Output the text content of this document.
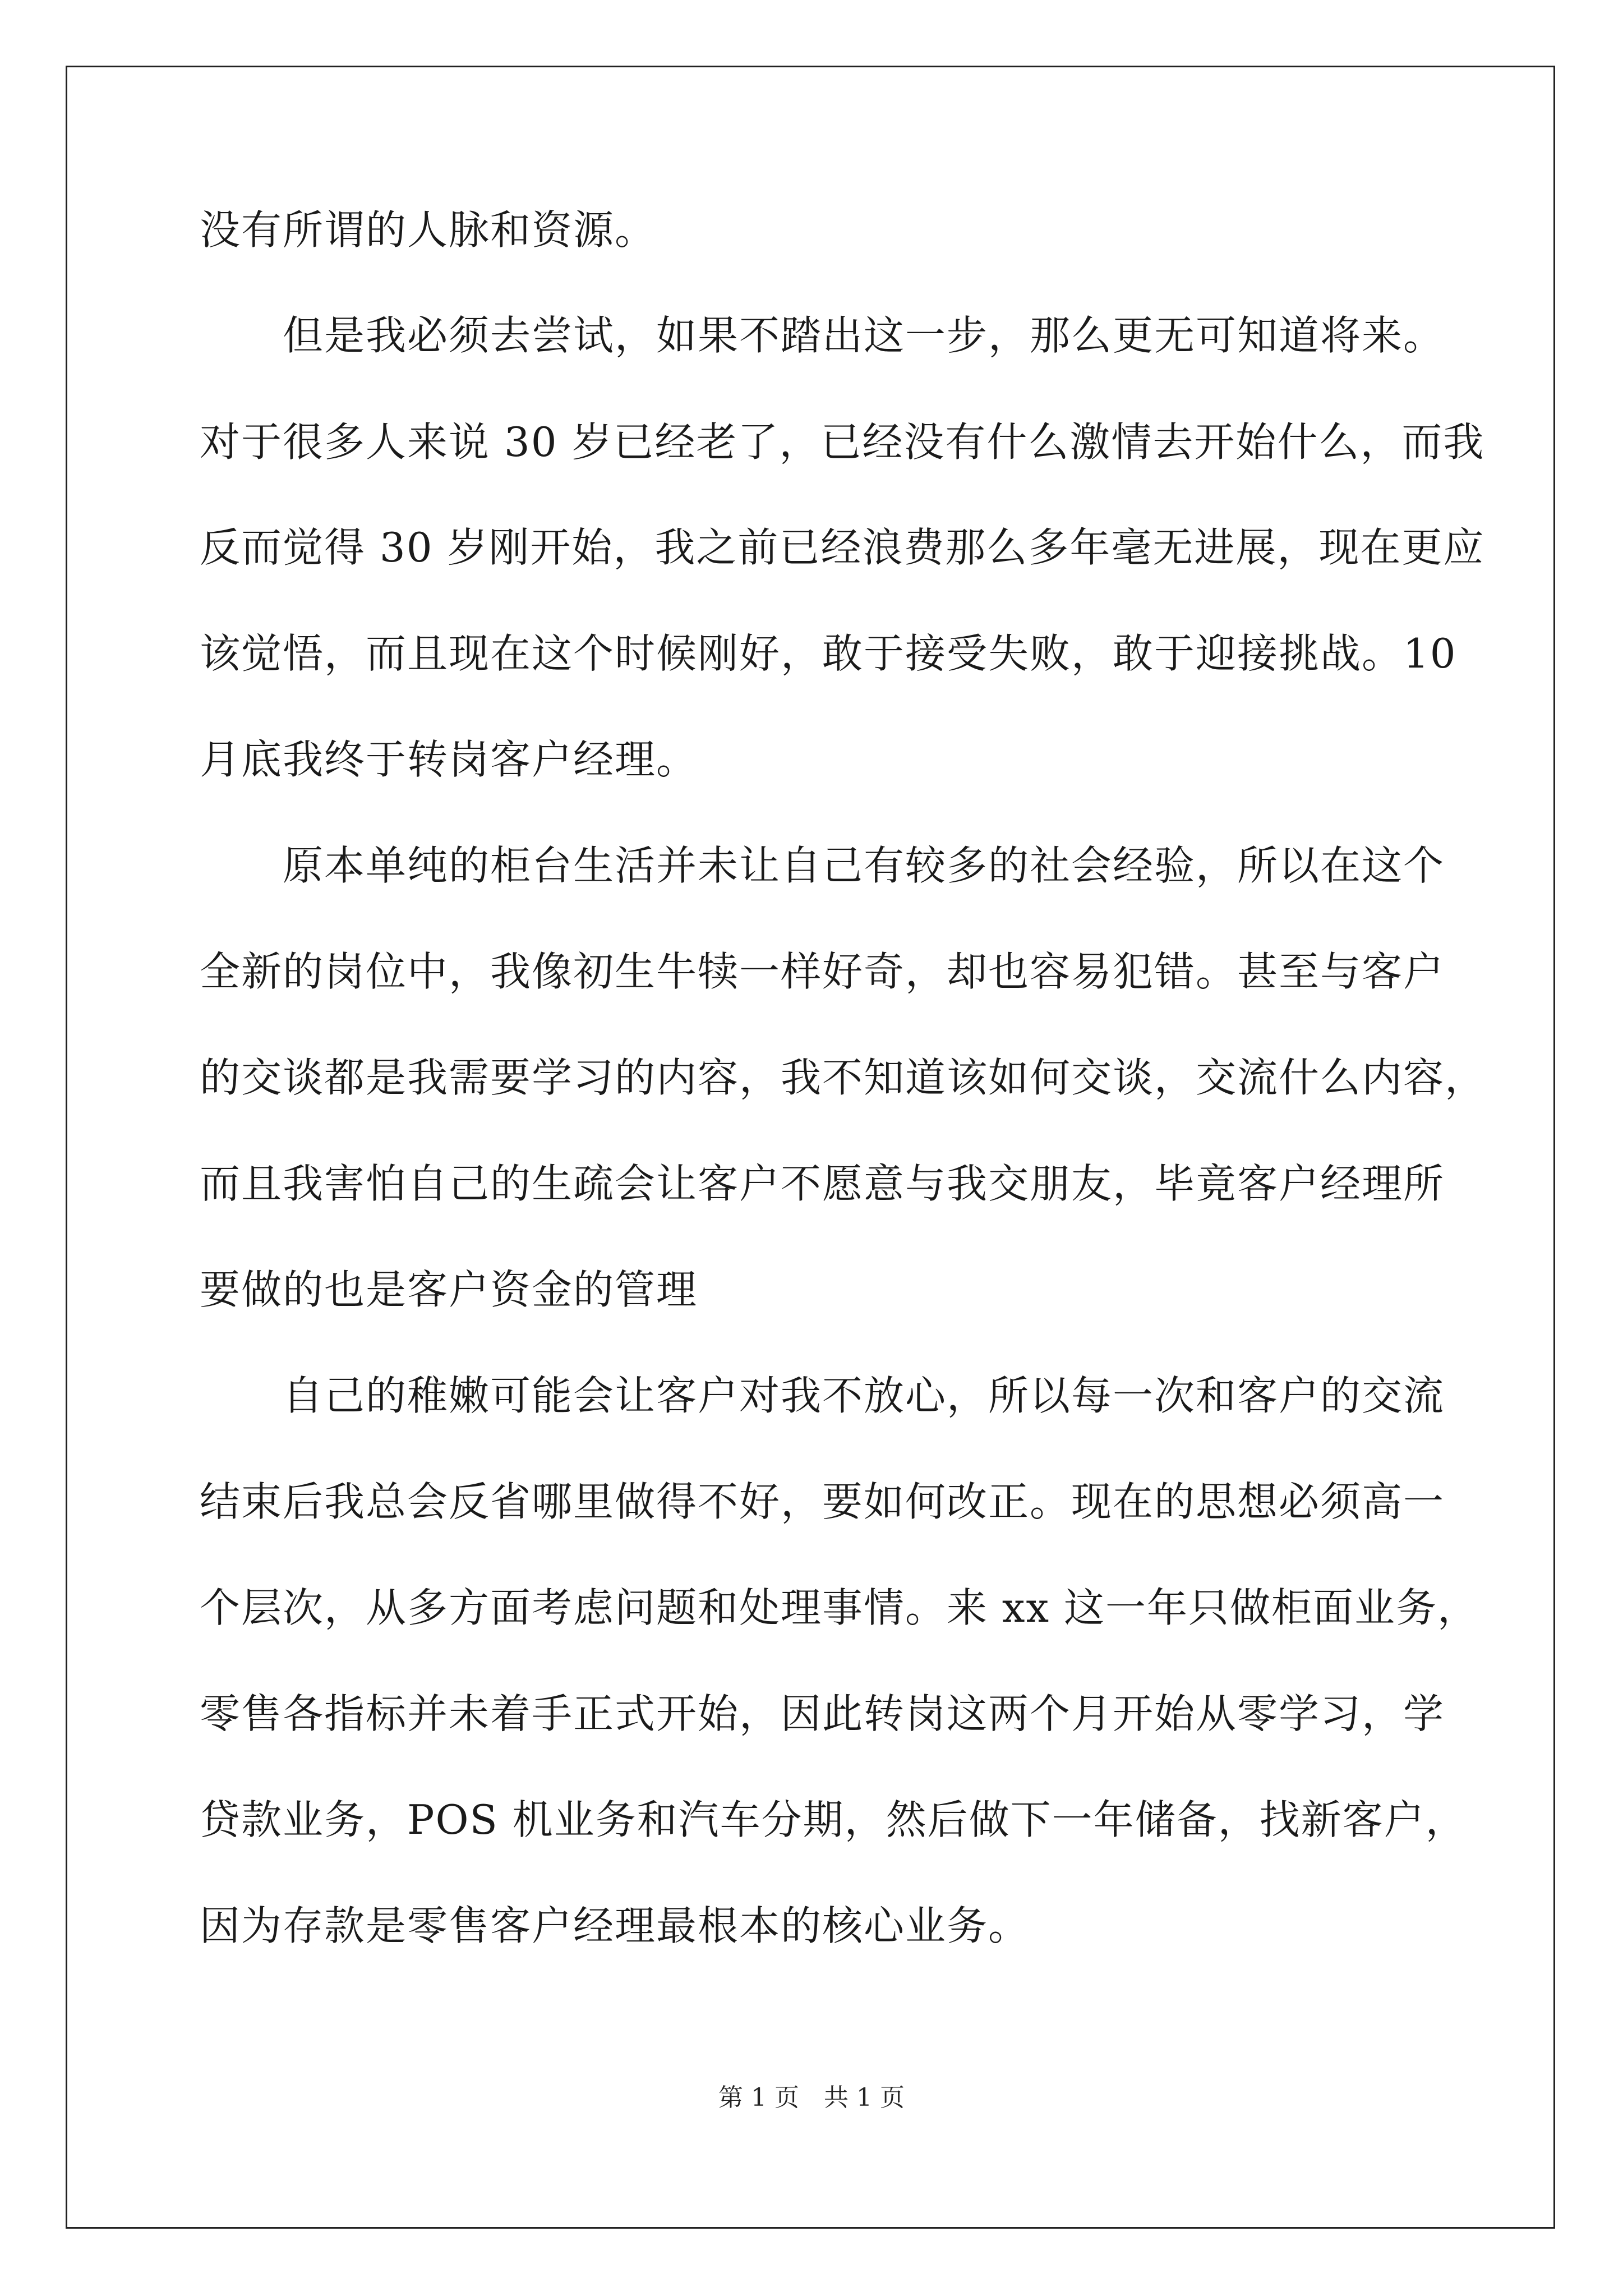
没有所谓的人脉和资源。
　　但是我必须去尝试，如果不踏出这一步，那么更无可知道将来。
对于很多人来说 30 岁已经老了，已经没有什么激情去开始什么，而我
反而觉得 30 岁刚开始，我之前已经浪费那么多年毫无进展，现在更应
该觉悟，而且现在这个时候刚好，敢于接受失败，敢于迎接挑战。10
月底我终于转岗客户经理。
　　原本单纯的柜台生活并未让自己有较多的社会经验，所以在这个
全新的岗位中，我像初生牛犊一样好奇，却也容易犯错。甚至与客户
的交谈都是我需要学习的内容，我不知道该如何交谈，交流什么内容，
而且我害怕自己的生疏会让客户不愿意与我交朋友，毕竟客户经理所
要做的也是客户资金的管理
　　自己的稚嫩可能会让客户对我不放心，所以每一次和客户的交流
结束后我总会反省哪里做得不好，要如何改正。现在的思想必须高一
个层次，从多方面考虑问题和处理事情。来 xx 这一年只做柜面业务，
零售各指标并未着手正式开始，因此转岗这两个月开始从零学习，学
贷款业务，POS 机业务和汽车分期，然后做下一年储备，找新客户，
因为存款是零售客户经理最根本的核心业务。
第 1 页　共 1 页
